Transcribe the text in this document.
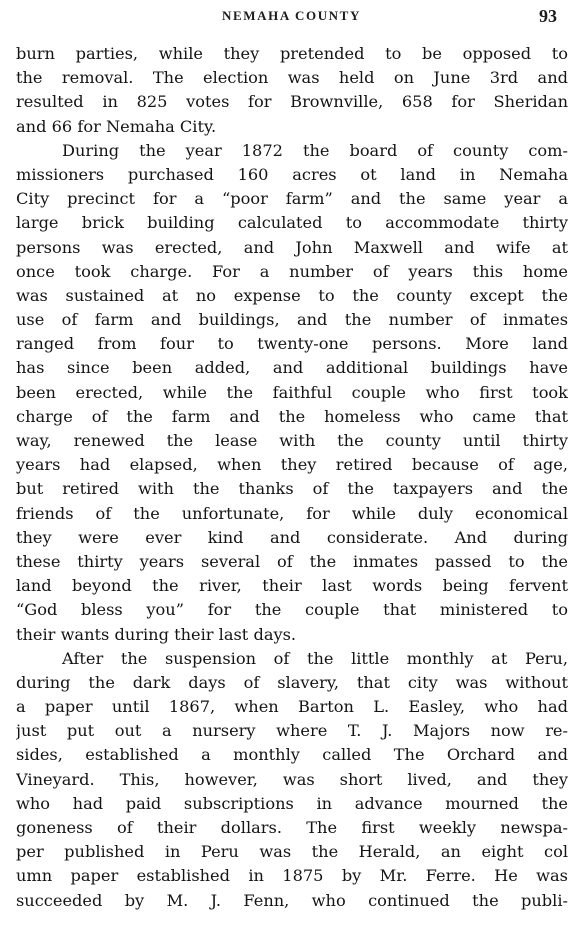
NEMAHA COUNTY	93
burn parties, while they pretended to be opposed to
the removal. The election was held on June 3rd and
resulted in 825 votes for Brownville, 658 for Sheridan
and 66 for Nemaha City.
During the year 1872 the board of county com-
missioners purchased 160 acres ot land in Nemaha
City precinct for a “poor farm” and the same year a
large brick building calculated to accommodate thirty
persons was erected, and John Maxwell and wife at
once took charge. For a number of years this home
was sustained at no expense to the county except the
use of farm and buildings, and the number of inmates
ranged from four to twenty-one persons. More land
has since been added, and additional buildings have
been erected, while the faithful couple who first took
charge of the farm and the homeless who came that
way, renewed the lease with the county until thirty
years had elapsed, when they retired because of age,
but retired with the thanks of the taxpayers and the
friends of the unfortunate, for while duly economical
they were ever kind and considerate. And during
these thirty years several of the inmates passed to the
land beyond the river, their last words being fervent
“God bless you” for the couple that ministered to
their wants during their last days.
After the suspension of the little monthly at Peru,
during the dark days of slavery, that city was without
a paper until 1867, when Barton L. Easley, who had
just put out a nursery where T. J. Majors now re-
sides, established a monthly called The Orchard and
Vineyard. This, however, was short lived, and they
who had paid subscriptions in advance mourned the
goneness of their dollars. The first weekly newspa-
per published in Peru was the Herald, an eight col
umn paper established in 1875 by Mr. Ferre. He was
succeeded by M. J. Fenn, who continued the publi-
